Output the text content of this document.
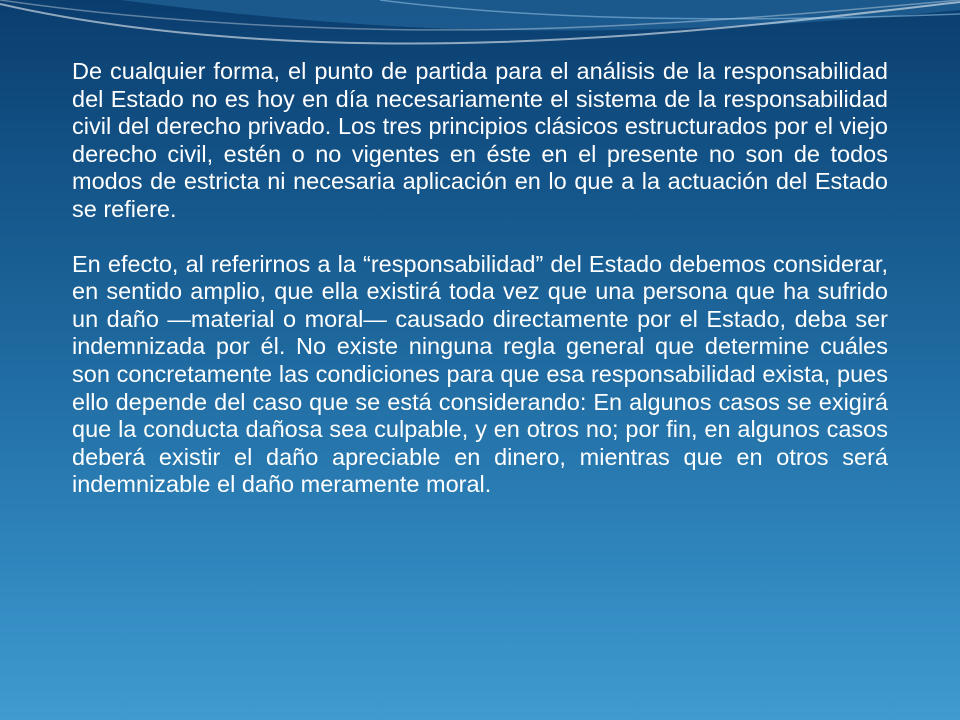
De cualquier forma, el punto de partida para el análisis de la responsabilidad del Estado no es hoy en día necesariamente el sistema de la responsabilidad civil del derecho privado. Los tres principios clásicos estructurados por el viejo derecho civil, estén o no vigentes en éste en el presente no son de todos modos de estricta ni necesaria aplicación en lo que a la actuación del Estado se refiere.

En efecto, al referirnos a la “responsabilidad” del Estado debemos considerar, en sentido amplio, que ella existirá toda vez que una persona que ha sufrido un daño —material o moral— causado directamente por el Estado, deba ser indemnizada por él. No existe ninguna regla general que determine cuáles son concretamente las condiciones para que esa responsabilidad exista, pues ello depende del caso que se está considerando: En algunos casos se exigirá que la conducta dañosa sea culpable, y en otros no; por fin, en algunos casos deberá existir el daño apreciable en dinero, mientras que en otros será indemnizable el daño meramente moral.
